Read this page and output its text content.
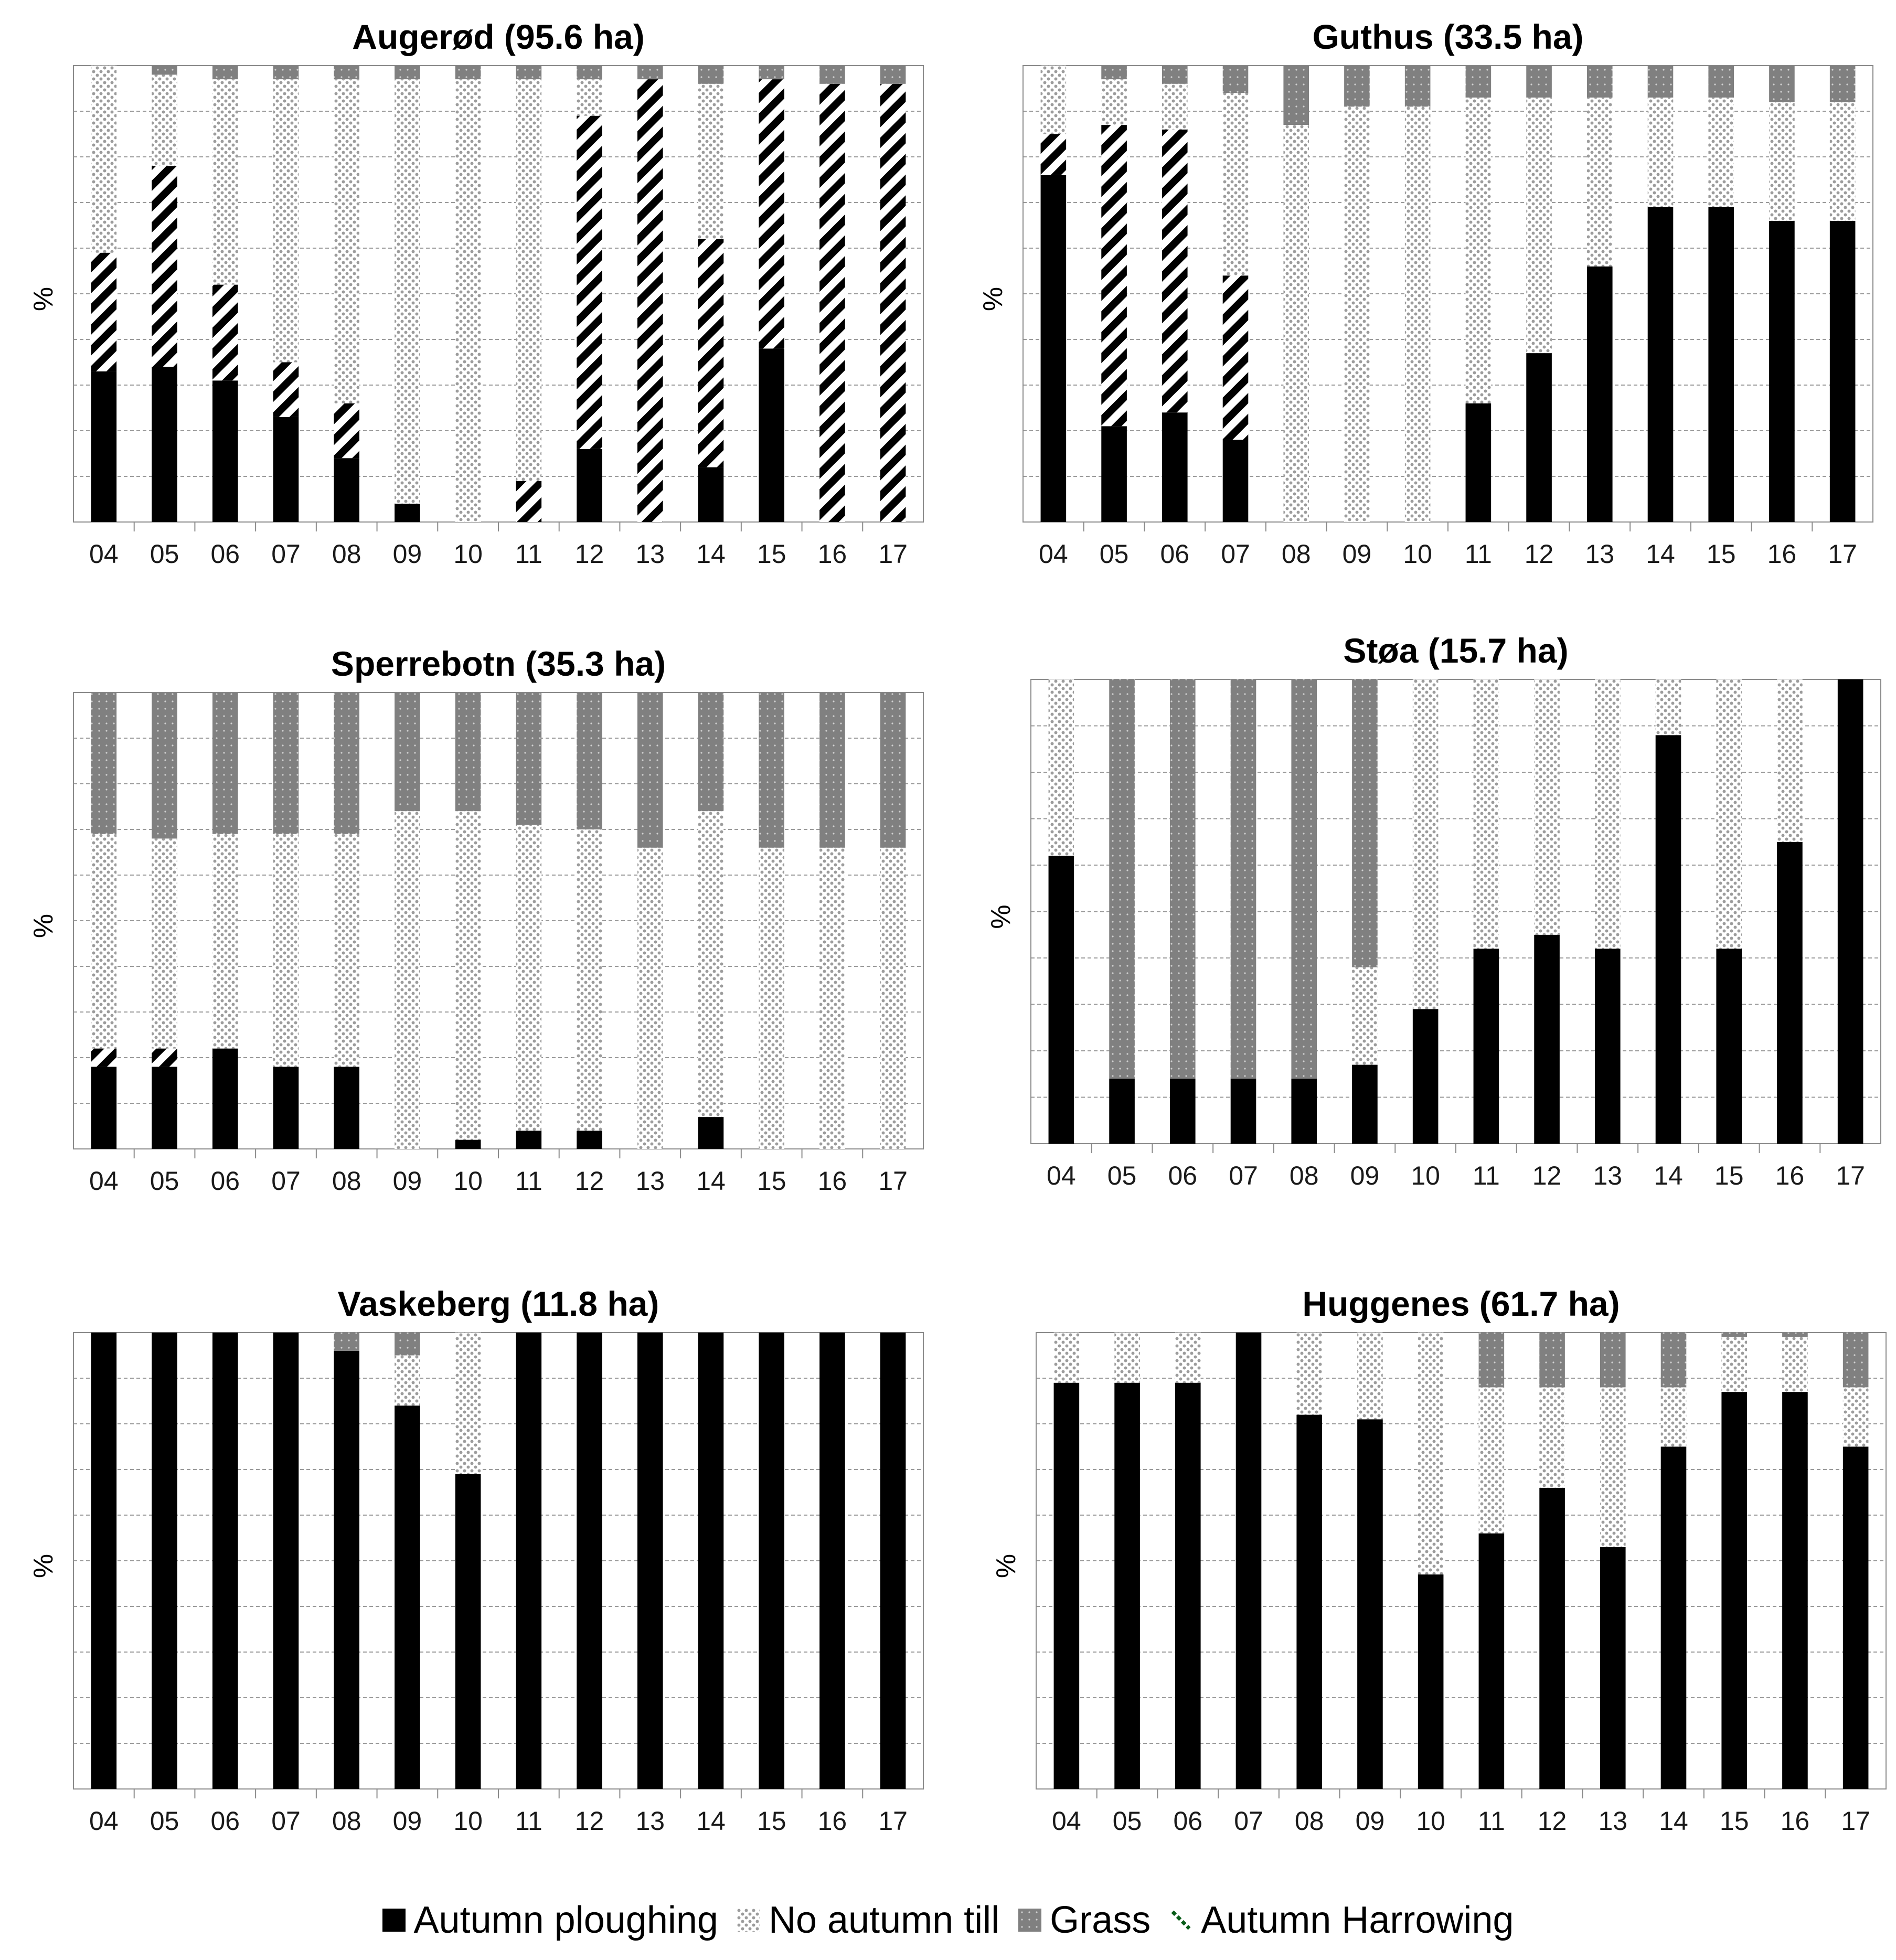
Augerød (95.6 ha)
%
04 05 06 07 08 09 10 11 12 13 14 15 16 17
Guthus (33.5 ha)
%
04 05 06 07 08 09 10 11 12 13 14 15 16 17
Sperrebotn (35.3 ha)
%
04 05 06 07 08 09 10 11 12 13 14 15 16 17
Støa (15.7 ha)
%
04 05 06 07 08 09 10 11 12 13 14 15 16 17
Vaskeberg (11.8 ha)
%
04 05 06 07 08 09 10 11 12 13 14 15 16 17
Huggenes (61.7 ha)
%
04 05 06 07 08 09 10 11 12 13 14 15 16 17
Autumn ploughing No autumn till Grass Autumn Harrowing
